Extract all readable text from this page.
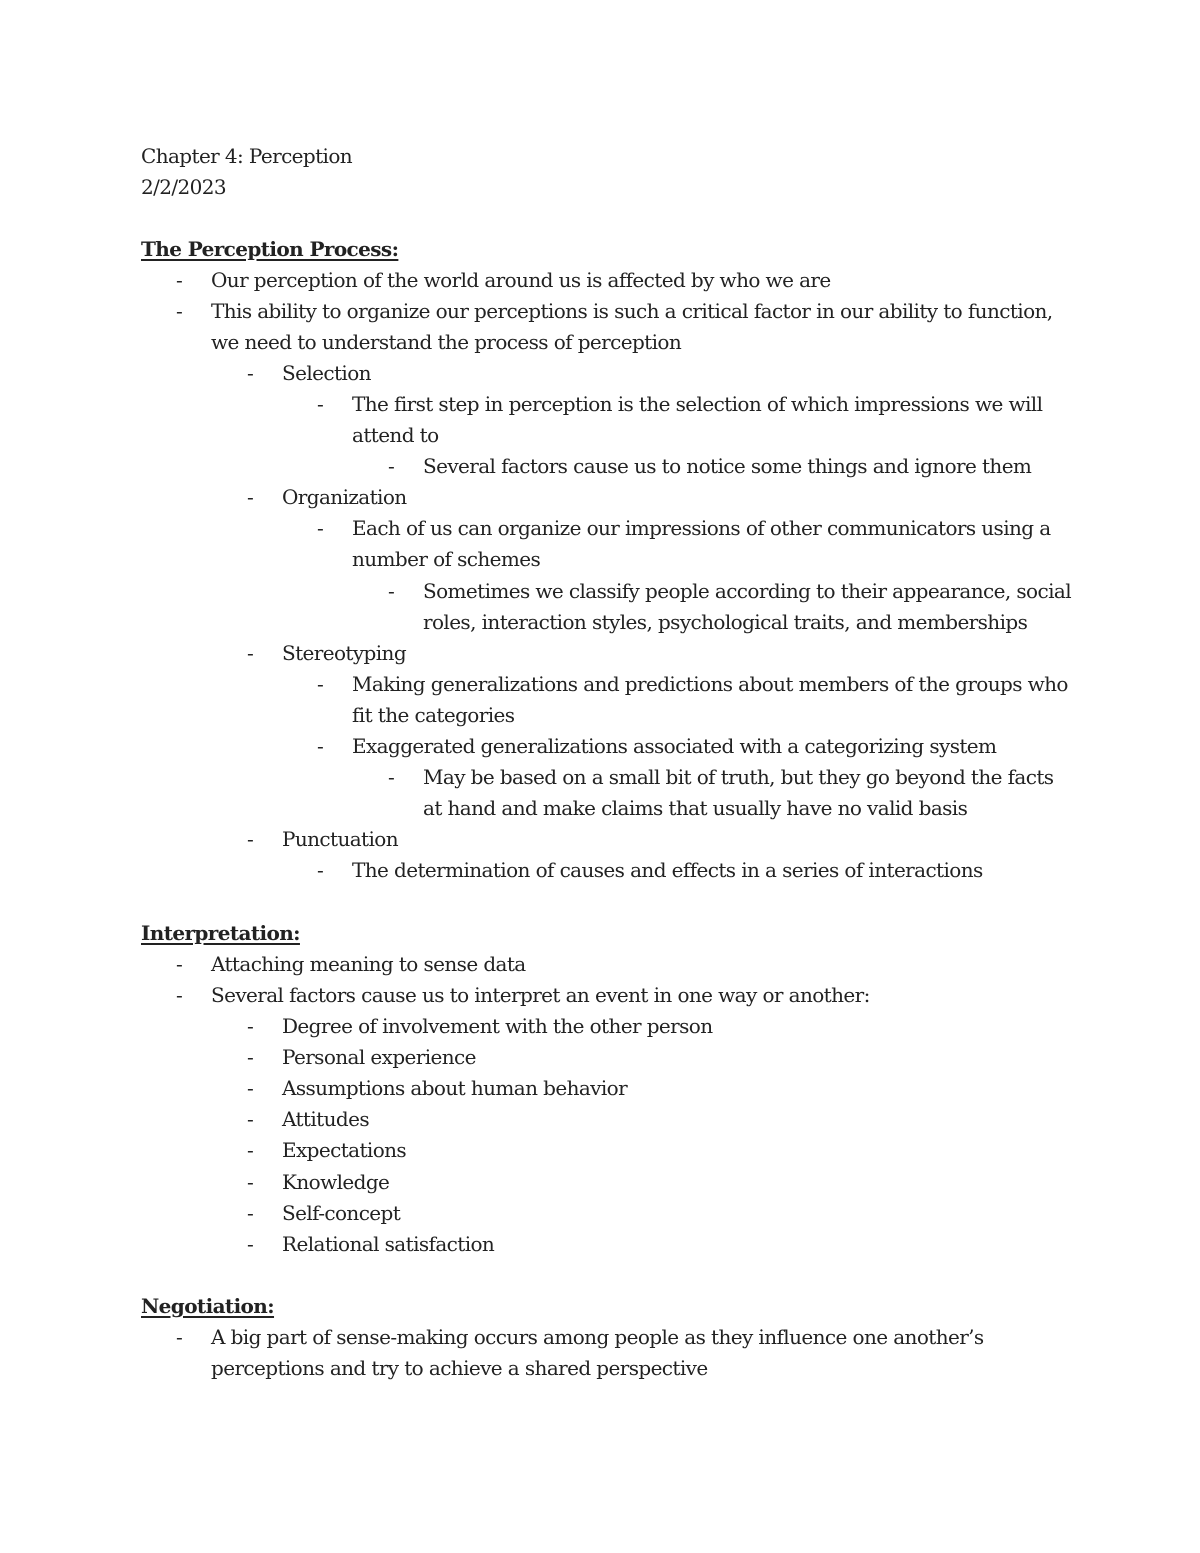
Chapter 4: Perception
2/2/2023
The Perception Process:
- Our perception of the world around us is affected by who we are
- This ability to organize our perceptions is such a critical factor in our ability to function,
we need to understand the process of perception
- Selection
- The first step in perception is the selection of which impressions we will
attend to
- Several factors cause us to notice some things and ignore them
- Organization
- Each of us can organize our impressions of other communicators using a
number of schemes
- Sometimes we classify people according to their appearance, social
roles, interaction styles, psychological traits, and memberships
- Stereotyping
- Making generalizations and predictions about members of the groups who
fit the categories
- Exaggerated generalizations associated with a categorizing system
- May be based on a small bit of truth, but they go beyond the facts
at hand and make claims that usually have no valid basis
- Punctuation
- The determination of causes and effects in a series of interactions
Interpretation:
- Attaching meaning to sense data
- Several factors cause us to interpret an event in one way or another:
- Degree of involvement with the other person
- Personal experience
- Assumptions about human behavior
- Attitudes
- Expectations
- Knowledge
- Self-concept
- Relational satisfaction
Negotiation:
- A big part of sense-making occurs among people as they influence one another’s
perceptions and try to achieve a shared perspective
